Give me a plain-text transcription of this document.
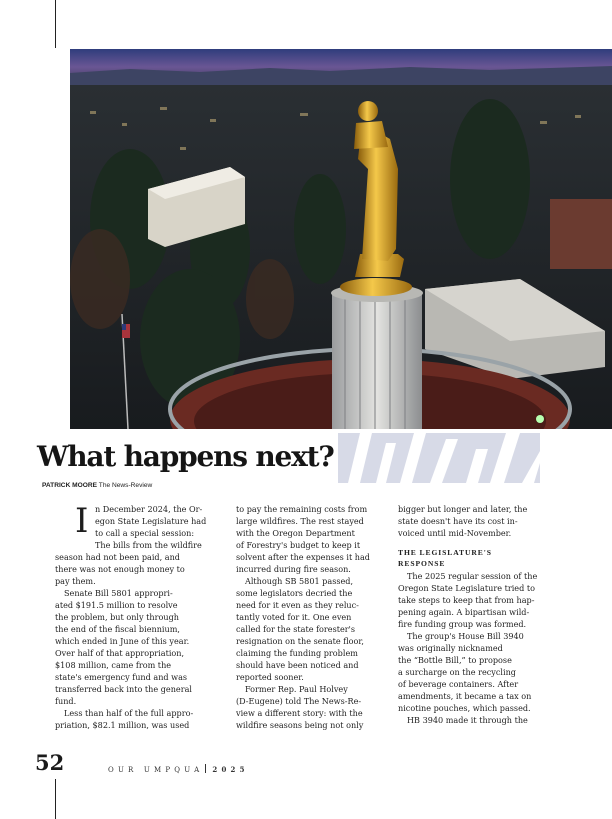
What happens next?
PATRICK MOORE The News-Review
I n December 2024, the Or-
egon State Legislature had
to call a special session:
The bills from the wildfire
season had not been paid, and
there was not enough money to
pay them.
Senate Bill 5801 appropri-
ated $191.5 million to resolve
the problem, but only through
the end of the fiscal biennium,
which ended in June of this year.
Over half of that appropriation,
$108 million, came from the
state's emergency fund and was
transferred back into the general
fund.
Less than half of the full appro-
priation, $82.1 million, was used
to pay the remaining costs from
large wildfires. The rest stayed
with the Oregon Department
of Forestry's budget to keep it
solvent after the expenses it had
incurred during fire season.
Although SB 5801 passed,
some legislators decried the
need for it even as they reluc-
tantly voted for it. One even
called for the state forester's
resignation on the senate floor,
claiming the funding problem
should have been noticed and
reported sooner.
Former Rep. Paul Holvey
(D-Eugene) told The News-Re-
view a different story: with the
wildfire seasons being not only
bigger but longer and later, the
state doesn't have its cost in-
voiced until mid-November.
THE LEGISLATURE'S
RESPONSE
The 2025 regular session of the
Oregon State Legislature tried to
take steps to keep that from hap-
pening again. A bipartisan wild-
fire funding group was formed.
The group's House Bill 3940
was originally nicknamed
the “Bottle Bill,” to propose
a surcharge on the recycling
of beverage containers. After
amendments, it became a tax on
nicotine pouches, which passed.
HB 3940 made it through the
52	OUR UMPQUA 2025
